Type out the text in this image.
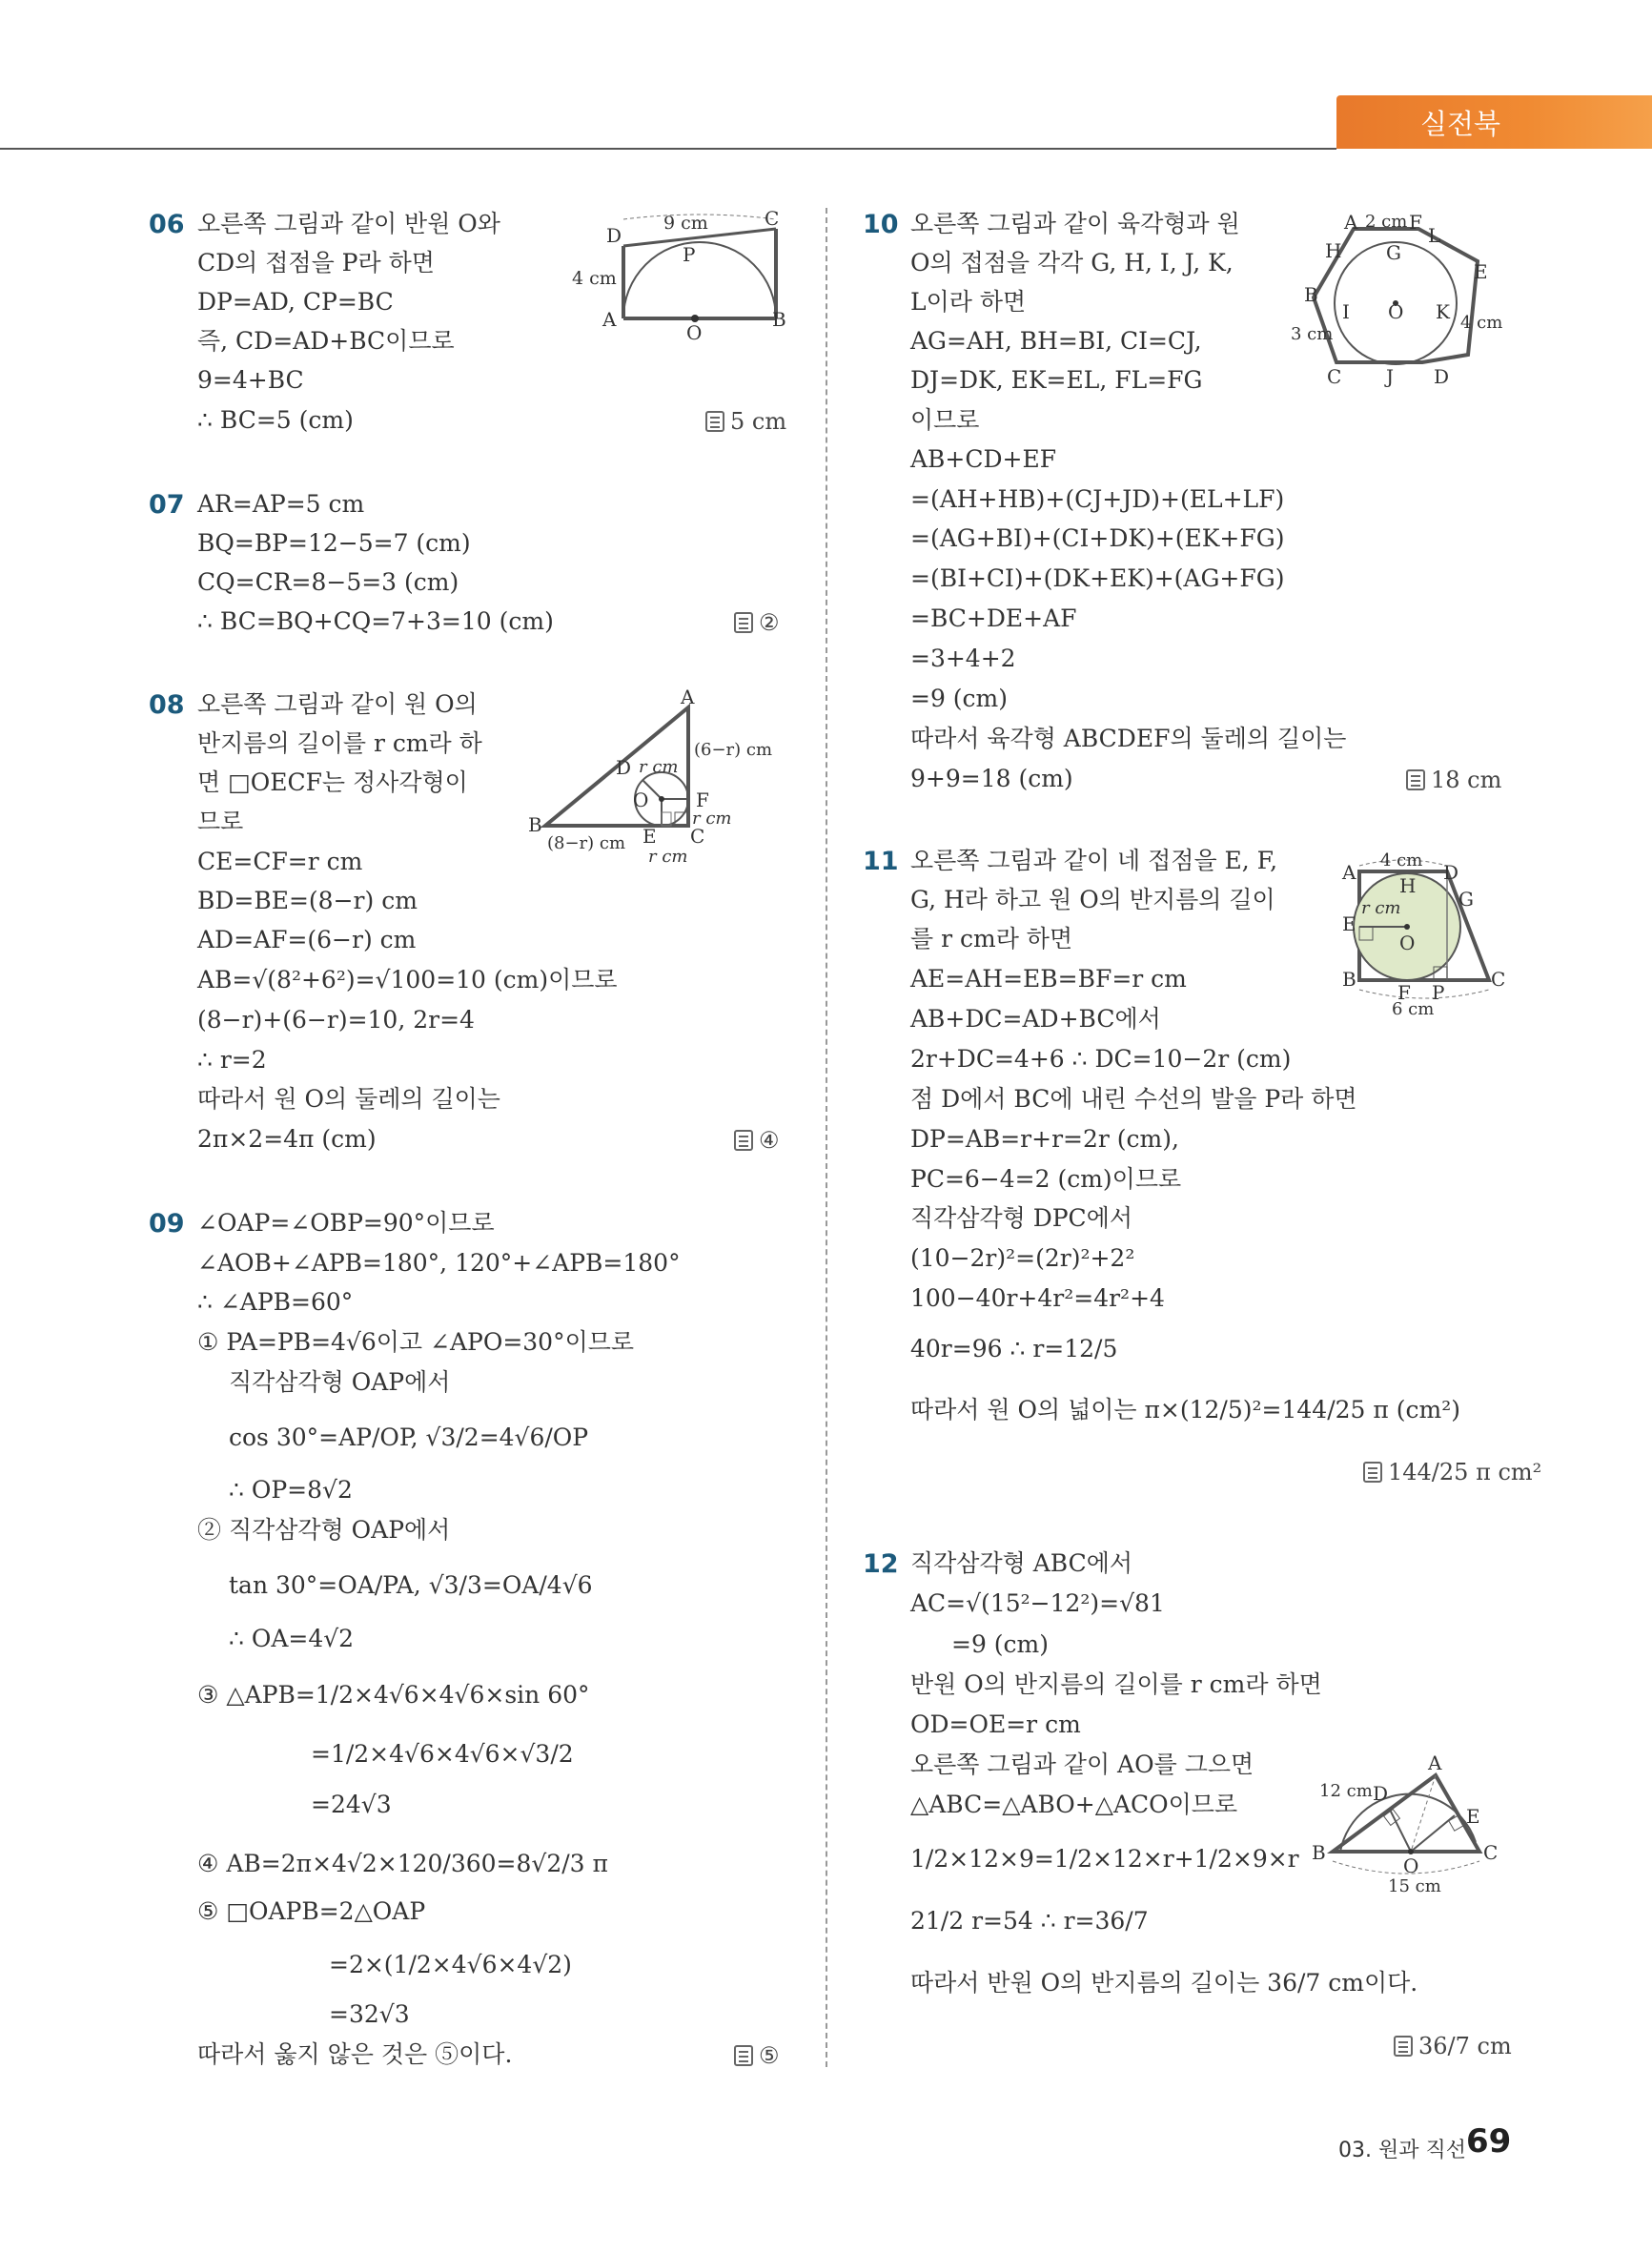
실전북
06 오른쪽 그림과 같이 반원 O와
CD의 접점을 P라 하면
DP=AD, CP=BC
즉, CD=AD+BC이므로
9=4+BC
∴ BC=5 (cm)	5 cm
D
C
P
A
O
B
9 cm
4 cm
07 AR=AP=5 cm
BQ=BP=12−5=7 (cm)
CQ=CR=8−5=3 (cm)
∴ BC=BQ+CQ=7+3=10 (cm)	②
08 오른쪽 그림과 같이 원 O의
반지름의 길이를 r cm라 하
면 □OECF는 정사각형이
므로
CE=CF=r cm
BD=BE=(8−r) cm
AD=AF=(6−r) cm
AB=√(8²+6²)=√100=10 (cm)이므로
(8−r)+(6−r)=10, 2r=4
∴ r=2
따라서 원 O의 둘레의 길이는
2π×2=4π (cm)	④
A
D
O F
B	E C
r cm
r cm
r cm
(6−r) cm
(8−r) cm
09 ∠OAP=∠OBP=90°이므로
∠AOB+∠APB=180°, 120°+∠APB=180°
∴ ∠APB=60°
① PA=PB=4√6이고 ∠APO=30°이므로
직각삼각형 OAP에서
cos 30°=AP/OP, √3/2=4√6/OP
∴ OP=8√2
② 직각삼각형 OAP에서
tan 30°=OA/PA, √3/3=OA/4√6
∴ OA=4√2
③ △APB=1/2×4√6×4√6×sin 60°
=1/2×4√6×4√6×√3/2
=24√3
④ AB=2π×4√2×120/360=8√2/3 π
⑤ □OAPB=2△OAP
=2×(1/2×4√6×4√2)
=32√3
따라서 옳지 않은 것은 ⑤이다.	⑤
10 오른쪽 그림과 같이 육각형과 원
O의 접점을 각각 G, H, I, J, K,
L이라 하면
AG=AH, BH=BI, CI=CJ,
DJ=DK, EK=EL, FL=FG
이므로
AB+CD+EF
=(AH+HB)+(CJ+JD)+(EL+LF)
=(AG+BI)+(CI+DK)+(EK+FG)
=(BI+CI)+(DK+EK)+(AG+FG)
=BC+DE+AF
=3+4+2
=9 (cm)
따라서 육각형 ABCDEF의 둘레의 길이는
9+9=18 (cm)	18 cm
A	F
L
H G
E
B
I O K
C J D
2 cm
3 cm
4 cm
11 오른쪽 그림과 같이 네 접점을 E, F,
G, H라 하고 원 O의 반지름의 길이
를 r cm라 하면
AE=AH=EB=BF=r cm
AB+DC=AD+BC에서
2r+DC=4+6 ∴ DC=10−2r (cm)
점 D에서 BC에 내린 수선의 발을 P라 하면
DP=AB=r+r=2r (cm),
PC=6−4=2 (cm)이므로
직각삼각형 DPC에서
(10−2r)²=(2r)²+2²
100−40r+4r²=4r²+4
40r=96 ∴ r=12/5
따라서 원 O의 넓이는 π×(12/5)²=144/25 π (cm²)
144/25 π cm²
A	D
H
G
E
O
B
F P
C
4 cm
6 cm
r cm
12 직각삼각형 ABC에서
AC=√(15²−12²)=√81
=9 (cm)
반원 O의 반지름의 길이를 r cm라 하면
OD=OE=r cm
오른쪽 그림과 같이 AO를 그으면
△ABC=△ABO+△ACO이므로
1/2×12×9=1/2×12×r+1/2×9×r
21/2 r=54 ∴ r=36/7
따라서 반원 O의 반지름의 길이는 36/7 cm이다.
36/7 cm
A
D
E
B
O
C
12 cm
15 cm
03. 원과 직선 69
